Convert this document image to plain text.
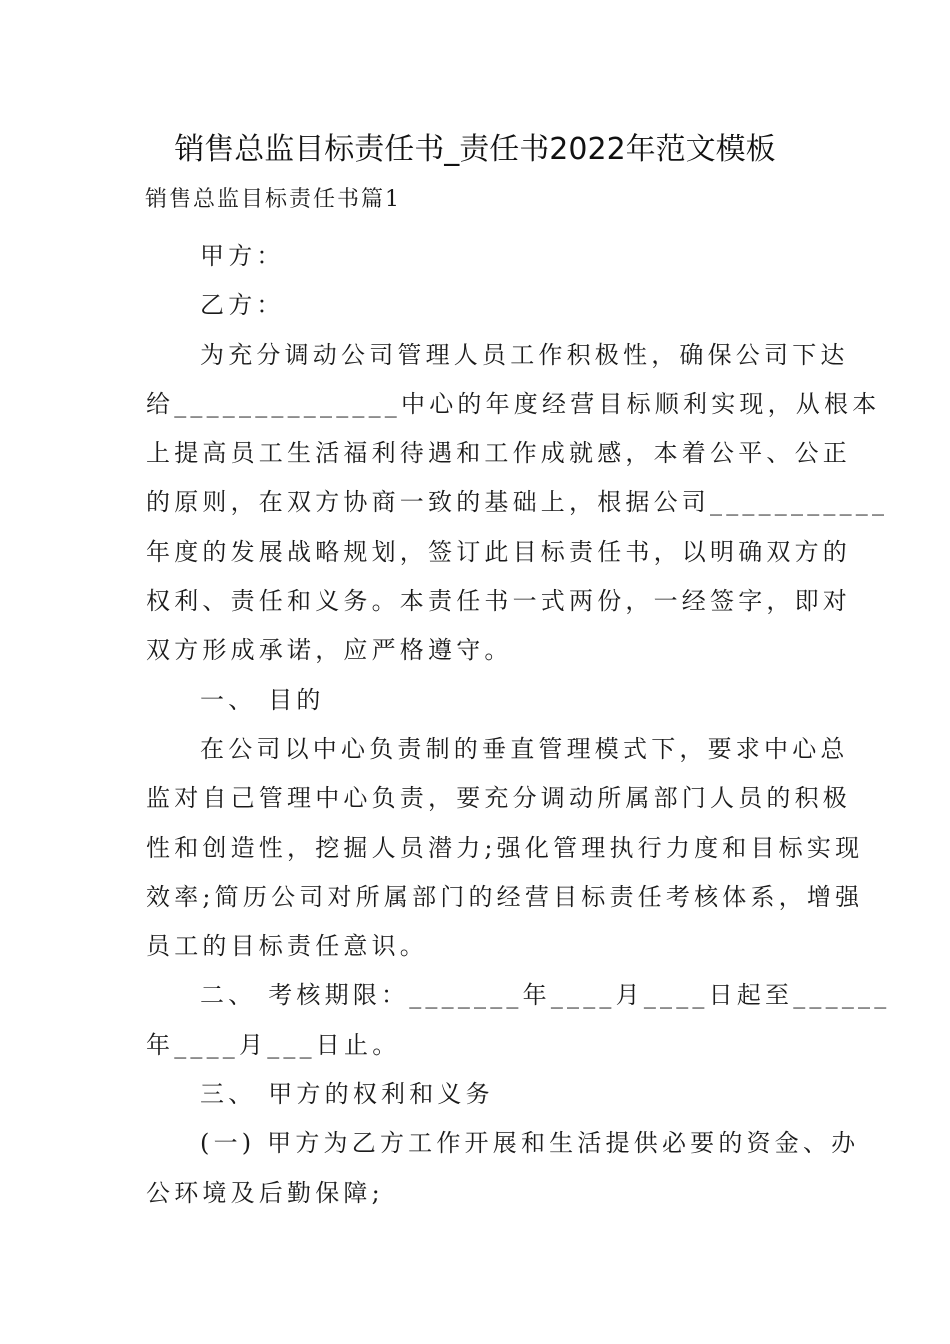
销售总监目标责任书_责任书2022年范文模板
销售总监目标责任书篇1
甲方：
乙方：
为充分调动公司管理人员工作积极性，确保公司下达
给______________中心的年度经营目标顺利实现，从根本
上提高员工生活福利待遇和工作成就感，本着公平、公正
的原则，在双方协商一致的基础上，根据公司___________
年度的发展战略规划，签订此目标责任书，以明确双方的
权利、责任和义务。本责任书一式两份，一经签字，即对
双方形成承诺，应严格遵守。
一、 目的
在公司以中心负责制的垂直管理模式下，要求中心总
监对自己管理中心负责，要充分调动所属部门人员的积极
性和创造性，挖掘人员潜力;强化管理执行力度和目标实现
效率;简历公司对所属部门的经营目标责任考核体系，增强
员工的目标责任意识。
二、 考核期限：_______年____月____日起至______
年____月___日止。
三、 甲方的权利和义务
(一) 甲方为乙方工作开展和生活提供必要的资金、办
公环境及后勤保障;
